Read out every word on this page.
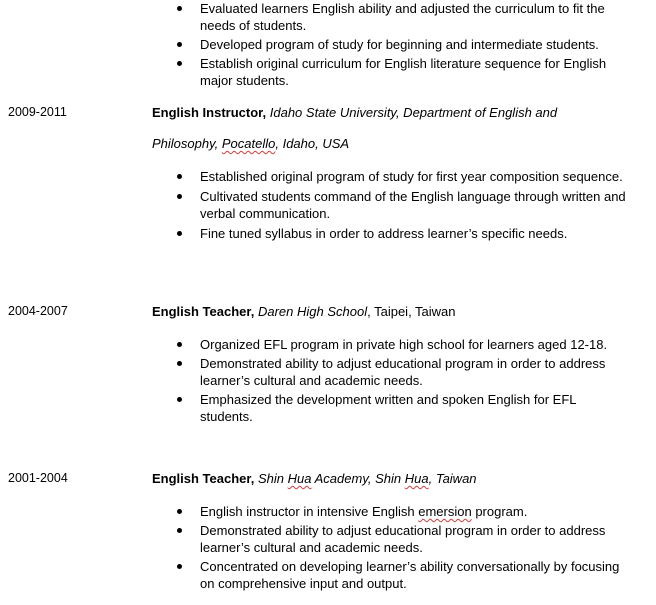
Evaluated learners English ability and adjusted the curriculum to fit the needs of students.
Developed program of study for beginning and intermediate students.
Establish original curriculum for English literature sequence for English major students.
2009-2011	English Instructor, Idaho State University, Department of English and
Philosophy, Pocatello, Idaho, USA
Established original program of study for first year composition sequence.
Cultivated students command of the English language through written and verbal communication.
Fine tuned syllabus in order to address learner’s specific needs.
2004-2007	English Teacher, Daren High School, Taipei, Taiwan
Organized EFL program in private high school for learners aged 12-18.
Demonstrated ability to adjust educational program in order to address learner’s cultural and academic needs.
Emphasized the development written and spoken English for EFL students.
2001-2004	English Teacher, Shin Hua Academy, Shin Hua, Taiwan
English instructor in intensive English emersion program.
Demonstrated ability to adjust educational program in order to address learner’s cultural and academic needs.
Concentrated on developing learner’s ability conversationally by focusing on comprehensive input and output.
